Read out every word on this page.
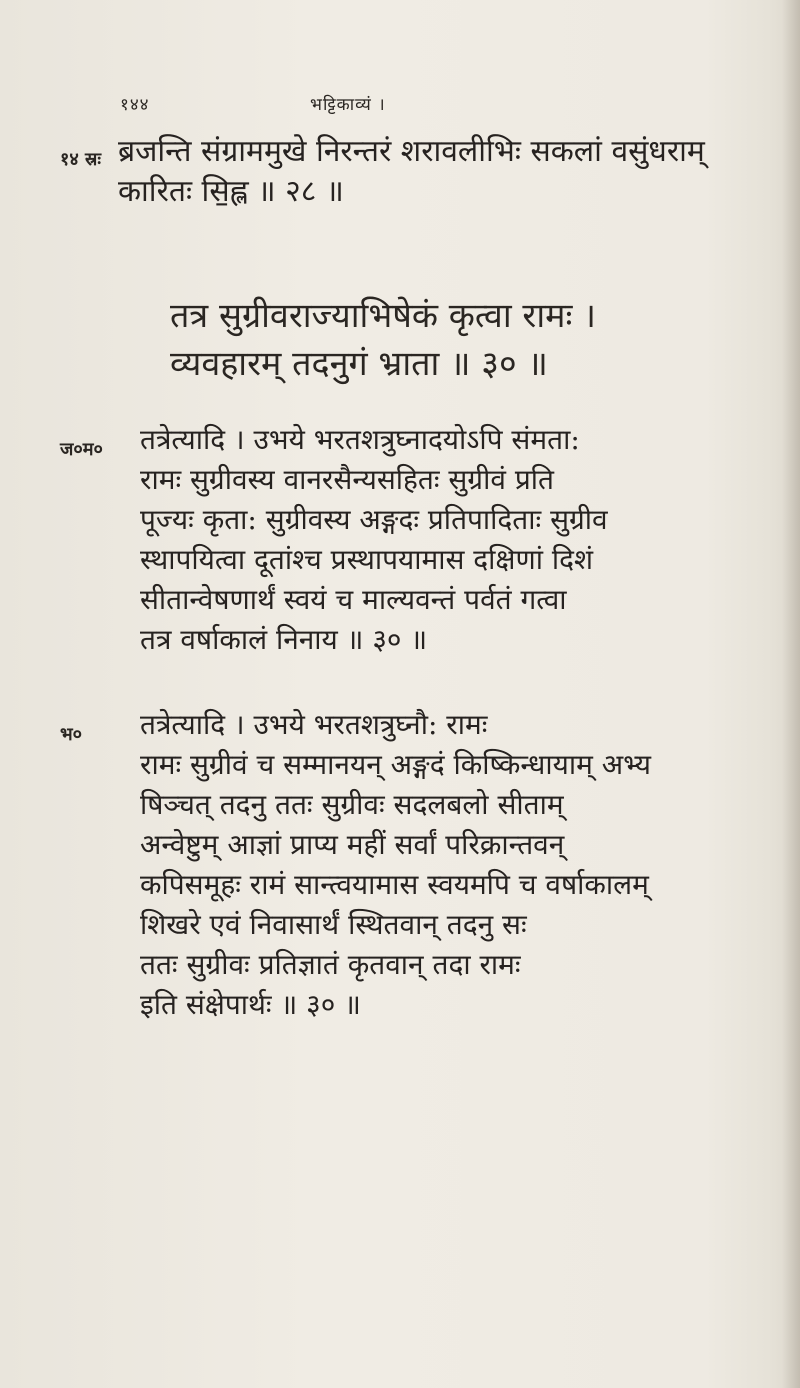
१४४	भट्टिकाव्यं ।
१४ स्रः ब्रजन्ति संग्राममुखे निरन्तरं शरावलीभिः सकलां वसुंधराम्
कारितः सि॒ह्ल ॥ २८ ॥
तत्र सुग्रीवराज्याभिषेकं कृत्वा रामः ।
व्यवहारम् तदनुगं भ्राता ॥ ३० ॥
ज०म०	तत्रेत्यादि । उभये भरतशत्रुघ्नादयोऽपि संमता:
रामः सुग्रीवस्य वानरसैन्यसहितः सुग्रीवं प्रति
पूज्यः कृता: सुग्रीवस्य अङ्गदः प्रतिपादिताः सुग्रीव
स्थापयित्वा दूतांश्च प्रस्थापयामास दक्षिणां दिशं
सीतान्वेषणार्थं स्वयं च माल्यवन्तं पर्वतं गत्वा
तत्र वर्षाकालं निनाय ॥ ३० ॥
भ०	तत्रेत्यादि । उभये भरतशत्रुघ्नौ: रामः
रामः सुग्रीवं च सम्मानयन् अङ्गदं किष्किन्धायाम् अभ्य
षिञ्चत् तदनु ततः सुग्रीवः सदलबलो सीताम्
अन्वेष्टुम् आज्ञां प्राप्य महीं सर्वां परिक्रान्तवन्
कपिसमूहः रामं सान्त्वयामास स्वयमपि च वर्षाकालम्
शिखरे एवं निवासार्थं स्थितवान् तदनु सः
ततः सुग्रीवः प्रतिज्ञातं कृतवान् तदा रामः
इति संक्षेपार्थः ॥ ३० ॥
